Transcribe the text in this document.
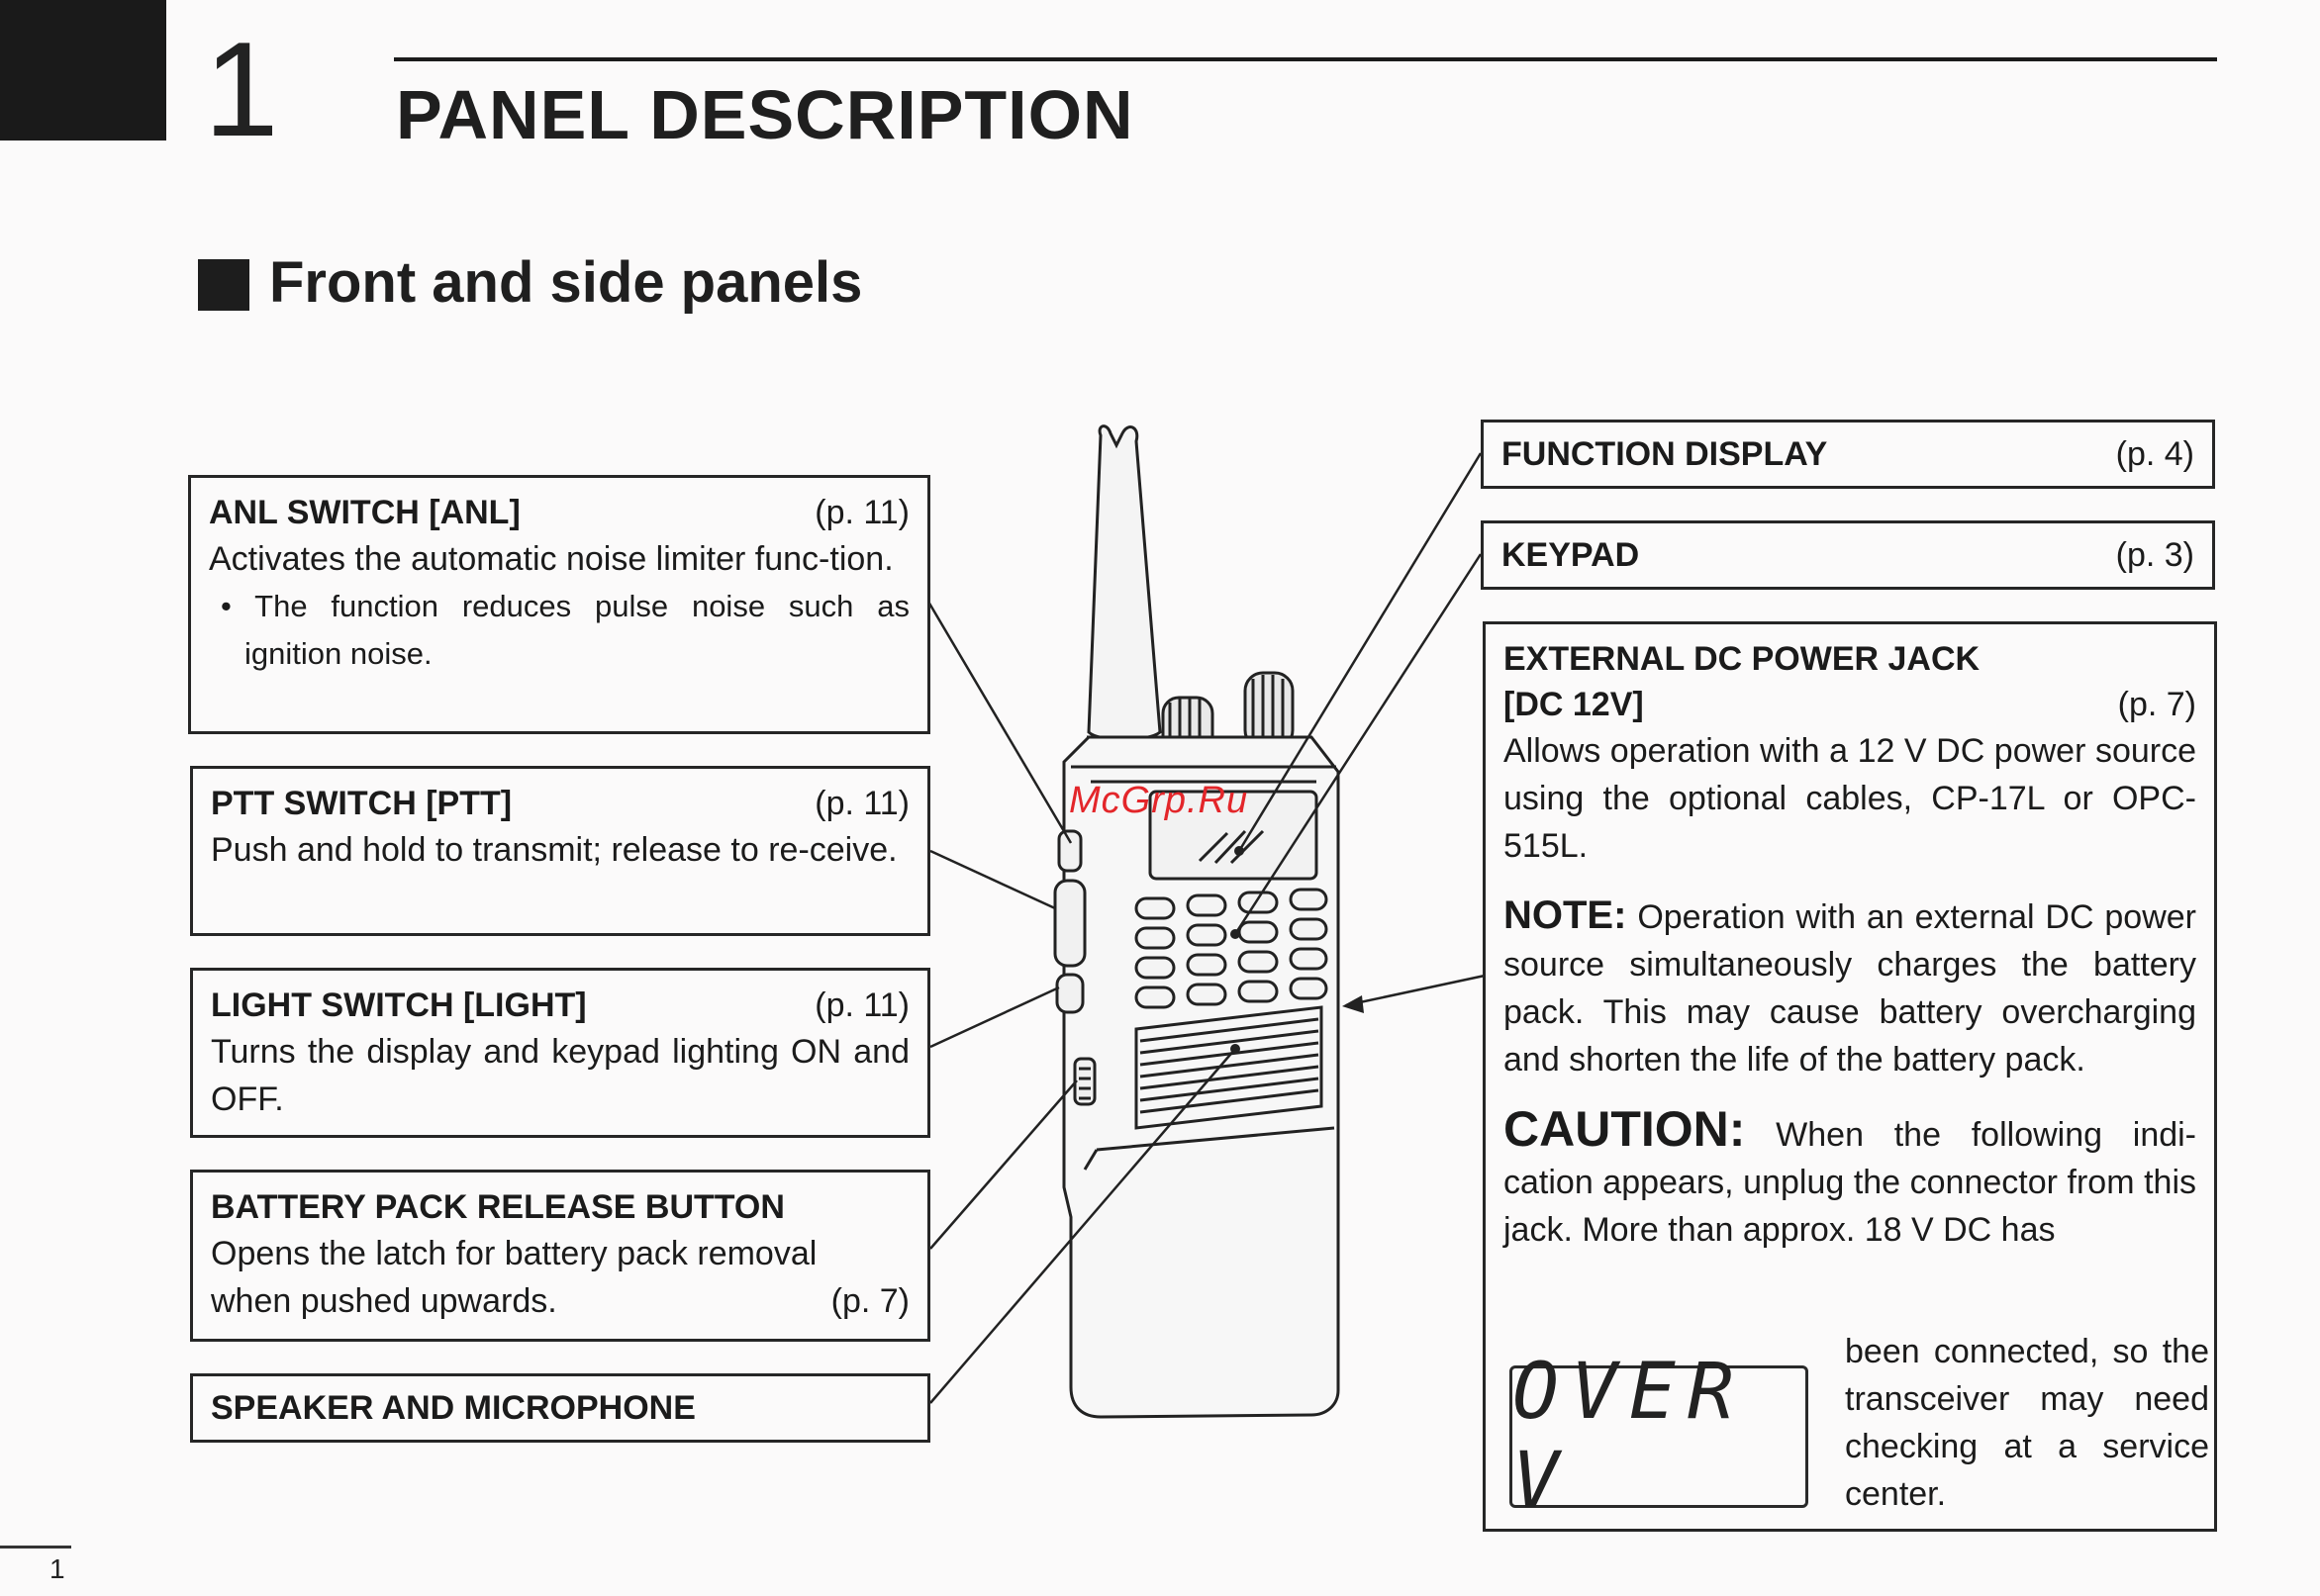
1 PANEL DESCRIPTION
Front and side panels
ANL SWITCH [ANL]	(p. 11)
Activates the automatic noise limiter func-tion.
• The function reduces pulse noise such as ignition noise.
PTT SWITCH [PTT]	(p. 11)
Push and hold to transmit; release to re-ceive.
LIGHT SWITCH [LIGHT]	(p. 11)
Turns the display and keypad lighting ON and OFF.
BATTERY PACK RELEASE BUTTON
Opens the latch for battery pack removal
when pushed upwards.	(p. 7)
SPEAKER AND MICROPHONE
FUNCTION DISPLAY	(p. 4)
KEYPAD	(p. 3)
EXTERNAL DC POWER JACK
[DC 12V]	(p. 7)
Allows operation with a 12 V DC power source using the optional cables, CP-17L or OPC-515L.
NOTE: Operation with an external DC power source simultaneously charges the battery pack. This may cause battery overcharging and shorten the life of the battery pack.
CAUTION: When the following indi-cation appears, unplug the connector from this jack. More than approx. 18 V DC has
OVER V
been connected, so the transceiver may need checking at a service center.
McGrp.Ru
1
